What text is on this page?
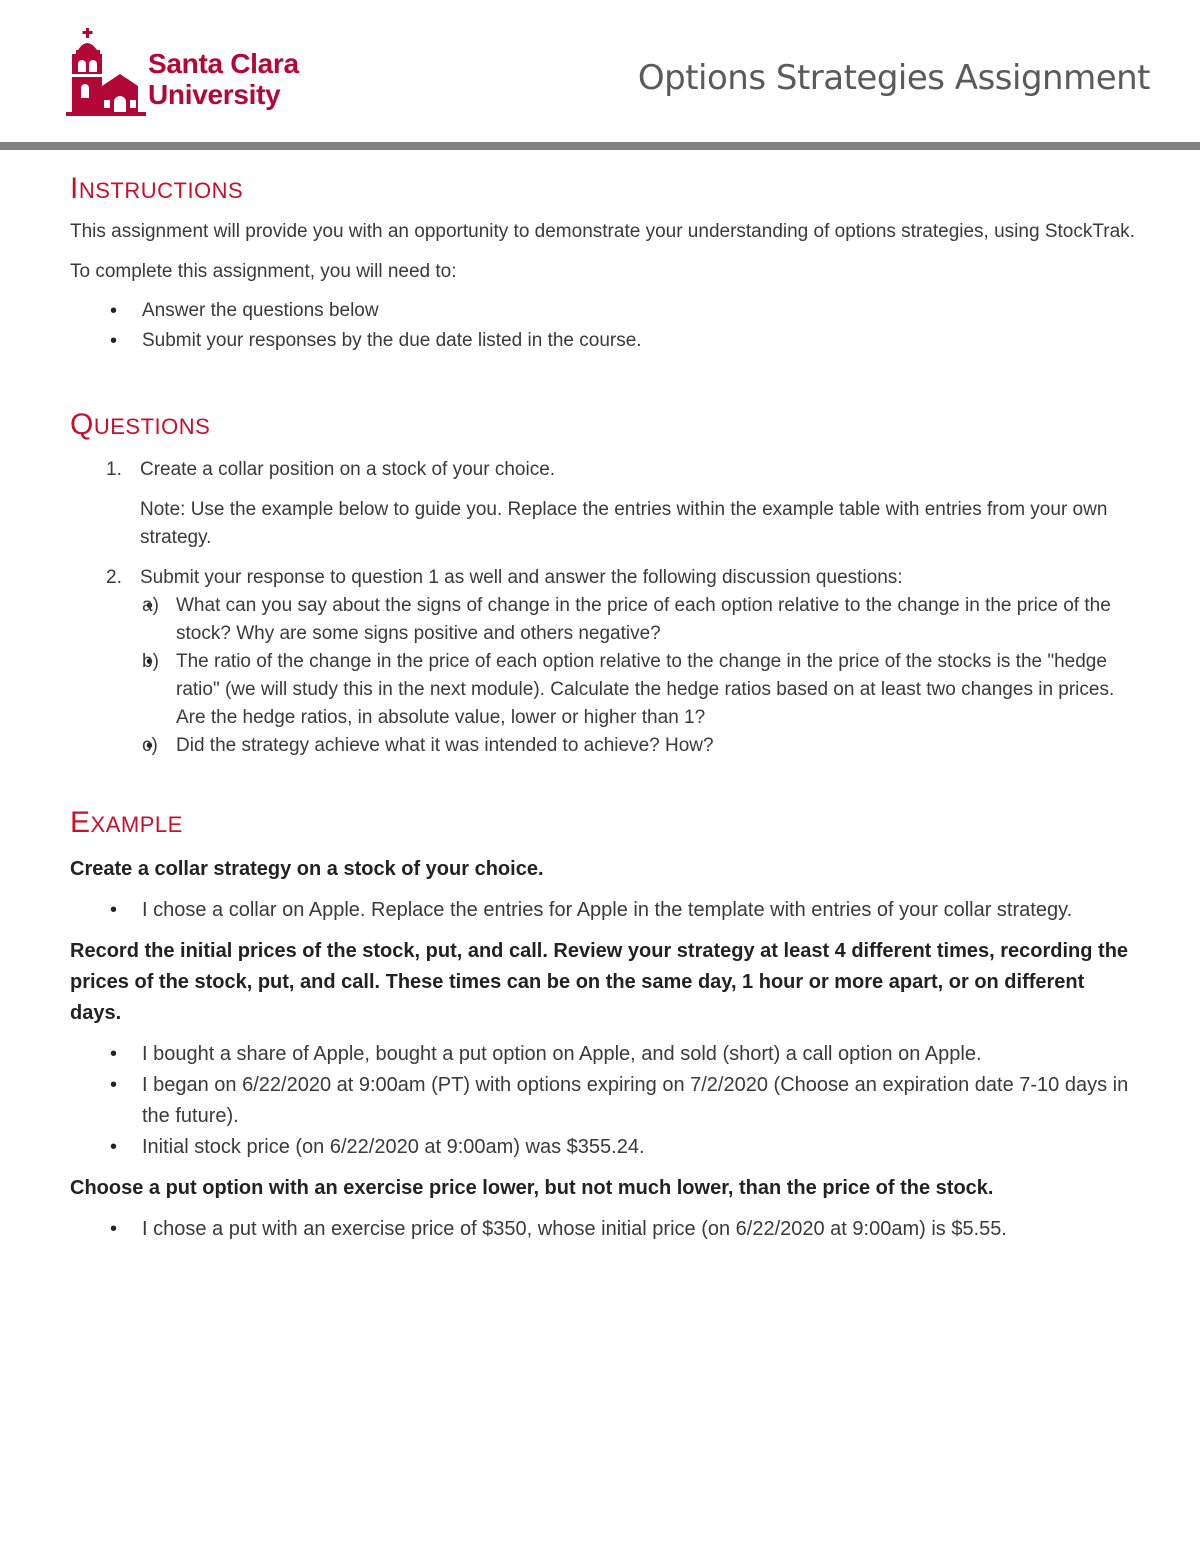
Santa Clara
University	Options Strategies Assignment
INSTRUCTIONS

This assignment will provide you with an opportunity to demonstrate your understanding of options strategies, using StockTrak.

To complete this assignment, you will need to:

• Answer the questions below
• Submit your responses by the due date listed in the course.
QUESTIONS
1. Create a collar position on a stock of your choice.
Note: Use the example below to guide you. Replace the entries within the example table with entries from your own strategy.
2. Submit your response to question 1 as well and answer the following discussion questions:
• a) What can you say about the signs of change in the price of each option relative to the change in the price of the stock? Why are some signs positive and others negative?
• b) The ratio of the change in the price of each option relative to the change in the price of the stocks is the "hedge ratio" (we will study this in the next module). Calculate the hedge ratios based on at least two changes in prices. Are the hedge ratios, in absolute value, lower or higher than 1?
• c) Did the strategy achieve what it was intended to achieve? How?
EXAMPLE

Create a collar strategy on a stock of your choice.

• I chose a collar on Apple. Replace the entries for Apple in the template with entries of your collar strategy.

Record the initial prices of the stock, put, and call. Review your strategy at least 4 different times, recording the prices of the stock, put, and call. These times can be on the same day, 1 hour or more apart, or on different days.

• I bought a share of Apple, bought a put option on Apple, and sold (short) a call option on Apple.
• I began on 6/22/2020 at 9:00am (PT) with options expiring on 7/2/2020 (Choose an expiration date 7-10 days in the future).
• Initial stock price (on 6/22/2020 at 9:00am) was $355.24.

Choose a put option with an exercise price lower, but not much lower, than the price of the stock.

• I chose a put with an exercise price of $350, whose initial price (on 6/22/2020 at 9:00am) is $5.55.
